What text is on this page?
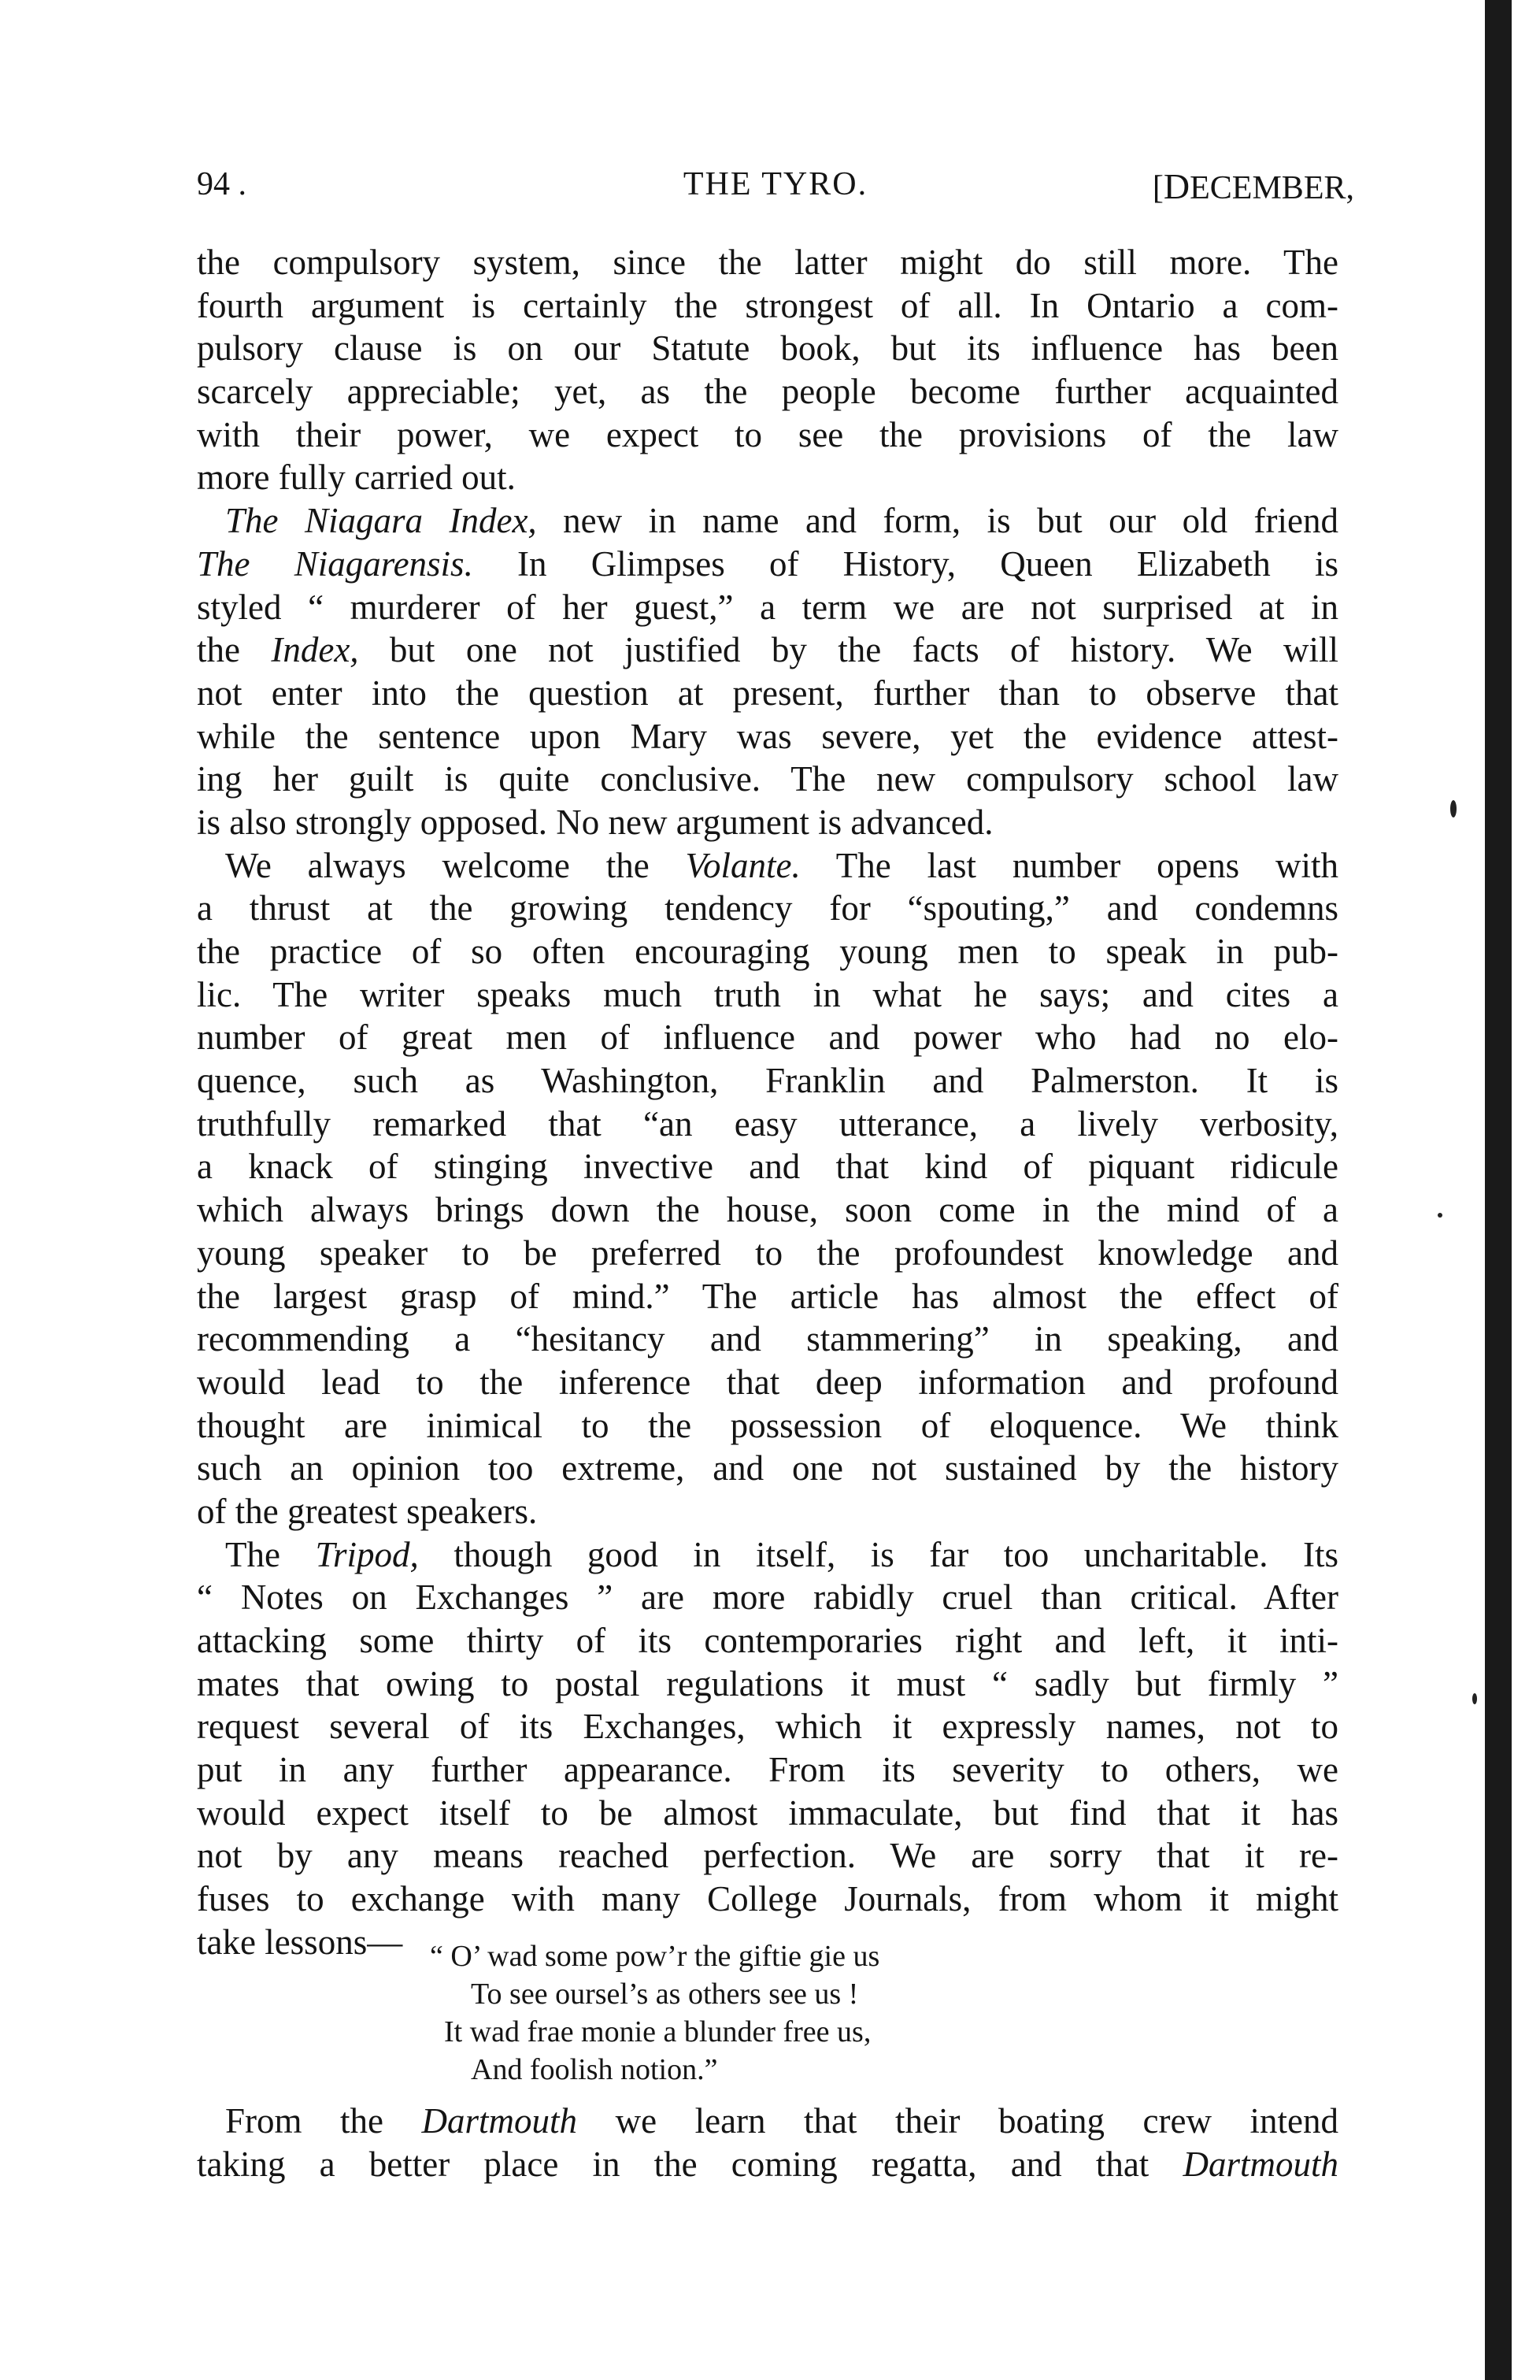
94 .	THE TYRO.	[DECEMBER,
the compulsory system, since the latter might do still more. The
fourth argument is certainly the strongest of all. In Ontario a com-
pulsory clause is on our Statute book, but its influence has been
scarcely appreciable; yet, as the people become further acquainted
with their power, we expect to see the provisions of the law
more fully carried out.
The Niagara Index, new in name and form, is but our old friend
The Niagarensis. In Glimpses of History, Queen Elizabeth is
styled “ murderer of her guest,” a term we are not surprised at in
the Index, but one not justified by the facts of history. We will
not enter into the question at present, further than to observe that
while the sentence upon Mary was severe, yet the evidence attest-
ing her guilt is quite conclusive. The new compulsory school law
is also strongly opposed. No new argument is advanced.
We always welcome the Volante. The last number opens with
a thrust at the growing tendency for “spouting,” and condemns
the practice of so often encouraging young men to speak in pub-
lic. The writer speaks much truth in what he says; and cites a
number of great men of influence and power who had no elo-
quence, such as Washington, Franklin and Palmerston. It is
truthfully remarked that “an easy utterance, a lively verbosity,
a knack of stinging invective and that kind of piquant ridicule
which always brings down the house, soon come in the mind of a
young speaker to be preferred to the profoundest knowledge and
the largest grasp of mind.” The article has almost the effect of
recommending a “hesitancy and stammering” in speaking, and
would lead to the inference that deep information and profound
thought are inimical to the possession of eloquence. We think
such an opinion too extreme, and one not sustained by the history
of the greatest speakers.
The Tripod, though good in itself, is far too uncharitable. Its
“ Notes on Exchanges ” are more rabidly cruel than critical. After
attacking some thirty of its contemporaries right and left, it inti-
mates that owing to postal regulations it must “ sadly but firmly ”
request several of its Exchanges, which it expressly names, not to
put in any further appearance. From its severity to others, we
would expect itself to be almost immaculate, but find that it has
not by any means reached perfection. We are sorry that it re-
fuses to exchange with many College Journals, from whom it might
take lessons— “ O’ wad some pow’r the giftie gie us
To see oursel’s as others see us !
It wad frae monie a blunder free us,
And foolish notion.”
From the Dartmouth we learn that their boating crew intend
taking a better place in the coming regatta, and that Dartmouth
